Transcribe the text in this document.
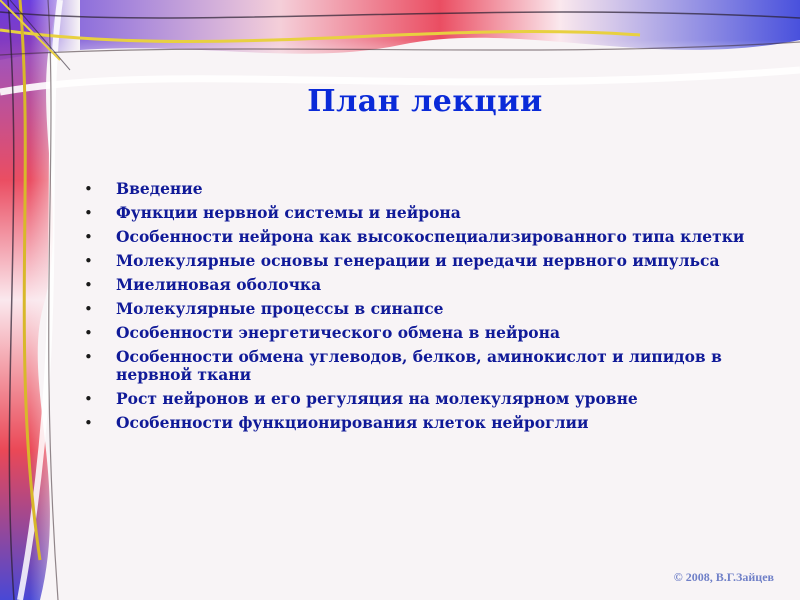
План лекции
• Введение
• Функции нервной системы и нейрона
• Особенности нейрона как высокоспециализированного типа клетки
• Молекулярные основы генерации и передачи нервного импульса
• Миелиновая оболочка
• Молекулярные процессы в синапсе
• Особенности энергетического обмена в нейрона
• Особенности обмена углеводов, белков, аминокислот и липидов в нервной ткани
• Рост нейронов и его регуляция на молекулярном уровне
• Особенности функционирования клеток нейроглии
© 2008, В.Г.Зайцев
